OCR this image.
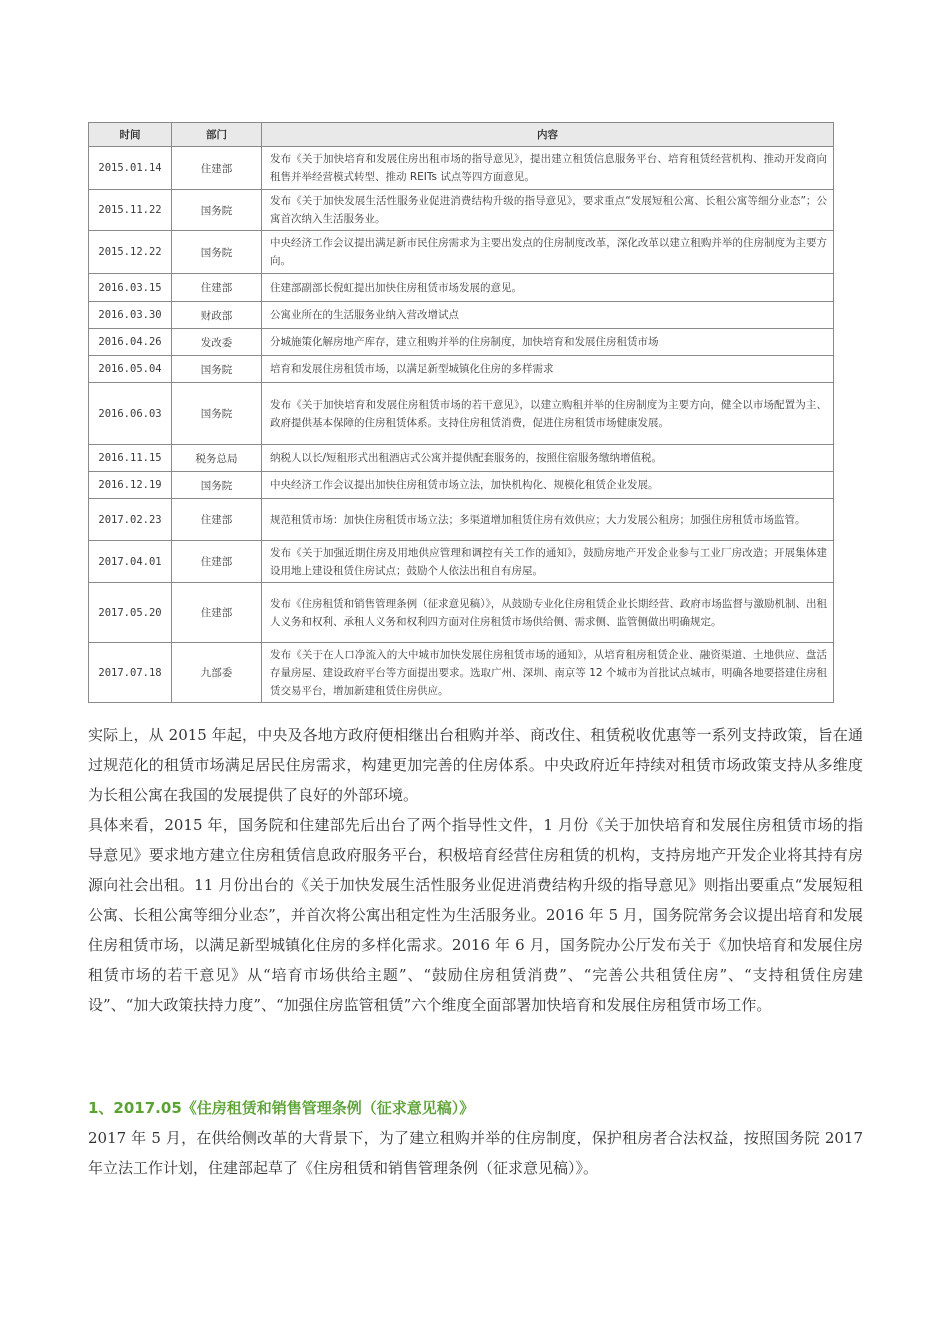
时间	部门	内容
2015.01.14	住建部	发布《关于加快培育和发展住房出租市场的指导意见》，提出建立租赁信息服务平台、培育租赁经营机构、推动开发商向租售并举经营模式转型、推动 REITs 试点等四方面意见。

2015.11.22	国务院	发布《关于加快发展生活性服务业促进消费结构升级的指导意见》，要求重点“发展短租公寓、长租公寓等细分业态”；公寓首次纳入生活服务业。

2015.12.22	国务院	中央经济工作会议提出满足新市民住房需求为主要出发点的住房制度改革，深化改革以建立租购并举的住房制度为主要方向。

2016.03.15	住建部	住建部副部长倪虹提出加快住房租赁市场发展的意见。

2016.03.30	财政部	公寓业所在的生活服务业纳入营改增试点

2016.04.26	发改委	分城施策化解房地产库存，建立租购并举的住房制度，加快培育和发展住房租赁市场

2016.05.04	国务院	培育和发展住房租赁市场，以满足新型城镇化住房的多样需求

2016.06.03	国务院	发布《关于加快培育和发展住房租赁市场的若干意见》，以建立购租并举的住房制度为主要方向，健全以市场配置为主、政府提供基本保障的住房租赁体系。支持住房租赁消费，促进住房租赁市场健康发展。

2016.11.15	税务总局	纳税人以长/短租形式出租酒店式公寓并提供配套服务的，按照住宿服务缴纳增值税。

2016.12.19	国务院	中央经济工作会议提出加快住房租赁市场立法，加快机构化、规模化租赁企业发展。

2017.02.23	住建部	规范租赁市场：加快住房租赁市场立法；多渠道增加租赁住房有效供应；大力发展公租房；加强住房租赁市场监管。

2017.04.01	住建部	发布《关于加强近期住房及用地供应管理和调控有关工作的通知》，鼓励房地产开发企业参与工业厂房改造；开展集体建设用地上建设租赁住房试点；鼓励个人依法出租自有房屋。

2017.05.20	住建部	发布《住房租赁和销售管理条例（征求意见稿）》，从鼓励专业化住房租赁企业长期经营、政府市场监督与激励机制、出租人义务和权利、承租人义务和权利四方面对住房租赁市场供给侧、需求侧、监管侧做出明确规定。

2017.07.18	九部委	发布《关于在人口净流入的大中城市加快发展住房租赁市场的通知》，从培育租房租赁企业、融资渠道、土地供应、盘活存量房屋、建设政府平台等方面提出要求。选取广州、深圳、南京等 12 个城市为首批试点城市，明确各地要搭建住房租赁交易平台，增加新建租赁住房供应。

实际上，从 2015 年起，中央及各地方政府便相继出台租购并举、商改住、租赁税收优惠等一系列支持政策，旨在通过规范化的租赁市场满足居民住房需求，构建更加完善的住房体系。中央政府近年持续对租赁市场政策支持从多维度为长租公寓在我国的发展提供了良好的外部环境。

具体来看，2015 年，国务院和住建部先后出台了两个指导性文件，1 月份《关于加快培育和发展住房租赁市场的指导意见》要求地方建立住房租赁信息政府服务平台，积极培育经营住房租赁的机构，支持房地产开发企业将其持有房源向社会出租。11 月份出台的《关于加快发展生活性服务业促进消费结构升级的指导意见》则指出要重点“发展短租公寓、长租公寓等细分业态”，并首次将公寓出租定性为生活服务业。2016 年 5 月，国务院常务会议提出培育和发展住房租赁市场，以满足新型城镇化住房的多样化需求。2016 年 6 月，国务院办公厅发布关于《加快培育和发展住房租赁市场的若干意见》从“培育市场供给主题”、“鼓励住房租赁消费”、“完善公共租赁住房”、“支持租赁住房建设”、“加大政策扶持力度”、“加强住房监管租赁”六个维度全面部署加快培育和发展住房租赁市场工作。

1、2017.05《住房租赁和销售管理条例（征求意见稿）》

2017 年 5 月，在供给侧改革的大背景下，为了建立租购并举的住房制度，保护租房者合法权益，按照国务院 2017 年立法工作计划，住建部起草了《住房租赁和销售管理条例（征求意见稿）》。
